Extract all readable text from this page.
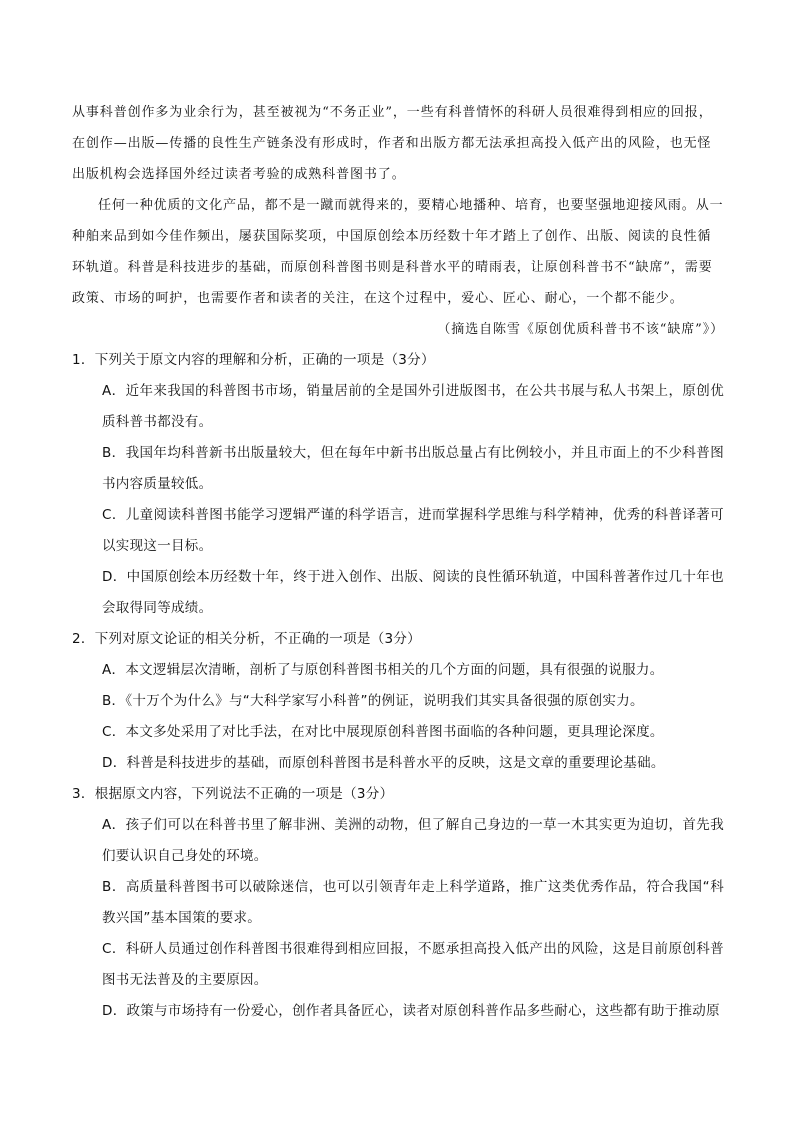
从事科普创作多为业余行为，甚至被视为“不务正业”，一些有科普情怀的科研人员很难得到相应的回报，在创作—出版—传播的良性生产链条没有形成时，作者和出版方都无法承担高投入低产出的风险，也无怪出版机构会选择国外经过读者考验的成熟科普图书了。

任何一种优质的文化产品，都不是一蹴而就得来的，要精心地播种、培育，也要坚强地迎接风雨。从一种舶来品到如今佳作频出，屡获国际奖项，中国原创绘本历经数十年才踏上了创作、出版、阅读的良性循环轨道。科普是科技进步的基础，而原创科普图书则是科普水平的晴雨表，让原创科普书不“缺席”，需要政策、市场的呵护，也需要作者和读者的关注，在这个过程中，爱心、匠心、耐心，一个都不能少。

（摘选自陈雪《原创优质科普书不该“缺席”》）

1．下列关于原文内容的理解和分析，正确的一项是（3分）

A．近年来我国的科普图书市场，销量居前的全是国外引进版图书，在公共书展与私人书架上，原创优质科普书都没有。

B．我国年均科普新书出版量较大，但在每年中新书出版总量占有比例较小，并且市面上的不少科普图书内容质量较低。

C．儿童阅读科普图书能学习逻辑严谨的科学语言，进而掌握科学思维与科学精神，优秀的科普译著可以实现这一目标。

D．中国原创绘本历经数十年，终于进入创作、出版、阅读的良性循环轨道，中国科普著作过几十年也会取得同等成绩。

2．下列对原文论证的相关分析，不正确的一项是（3分）

A．本文逻辑层次清晰，剖析了与原创科普图书相关的几个方面的问题，具有很强的说服力。

B．《十万个为什么》与“大科学家写小科普”的例证，说明我们其实具备很强的原创实力。

C．本文多处采用了对比手法，在对比中展现原创科普图书面临的各种问题，更具理论深度。

D．科普是科技进步的基础，而原创科普图书是科普水平的反映，这是文章的重要理论基础。

3．根据原文内容，下列说法不正确的一项是（3分）

A．孩子们可以在科普书里了解非洲、美洲的动物，但了解自己身边的一草一木其实更为迫切，首先我们要认识自己身处的环境。

B．高质量科普图书可以破除迷信，也可以引领青年走上科学道路，推广这类优秀作品，符合我国“科教兴国”基本国策的要求。

C．科研人员通过创作科普图书很难得到相应回报，不愿承担高投入低产出的风险，这是目前原创科普图书无法普及的主要原因。

D．政策与市场持有一份爱心，创作者具备匠心，读者对原创科普作品多些耐心，这些都有助于推动原
